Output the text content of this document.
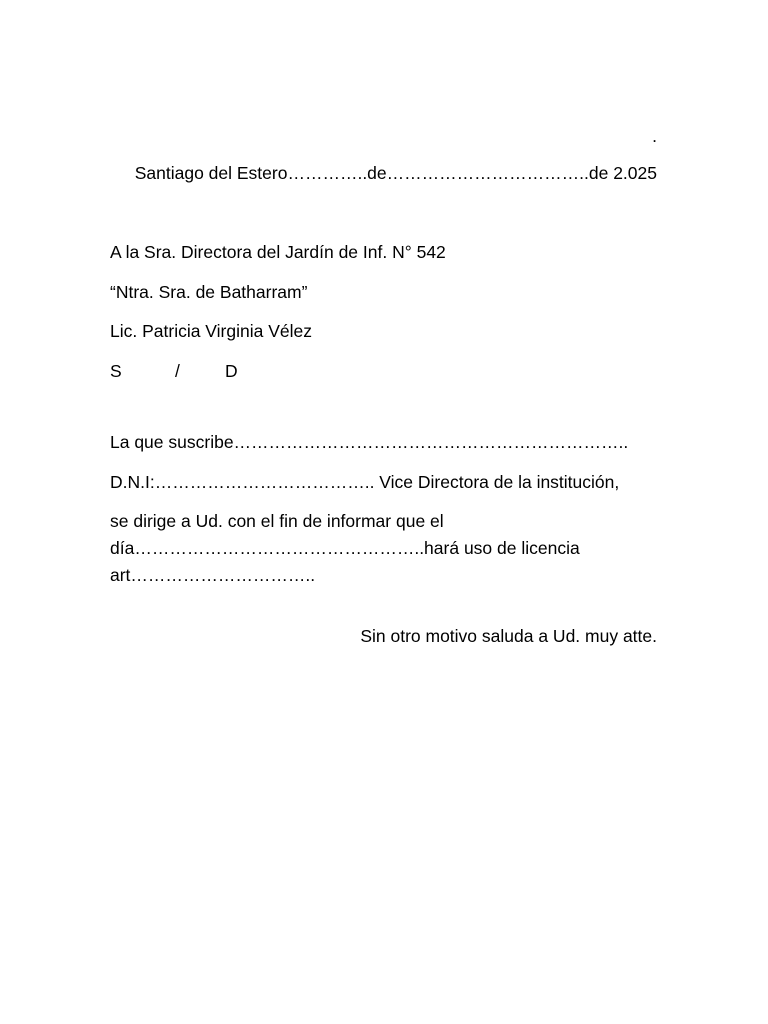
.
Santiago del Estero…………..de……………………………..de 2.025
A la Sra. Directora del Jardín de Inf. N° 542
“Ntra. Sra. de Batharram”
Lic. Patricia Virginia Vélez
S	/	D
La que suscribe…………………………………………………………..
D.N.I:……………………………….. Vice Directora de la institución,
se dirige a Ud. con el fin de informar que el
día…………………………………………..hará uso de licencia
art…………………………..
Sin otro motivo saluda a Ud. muy atte.
